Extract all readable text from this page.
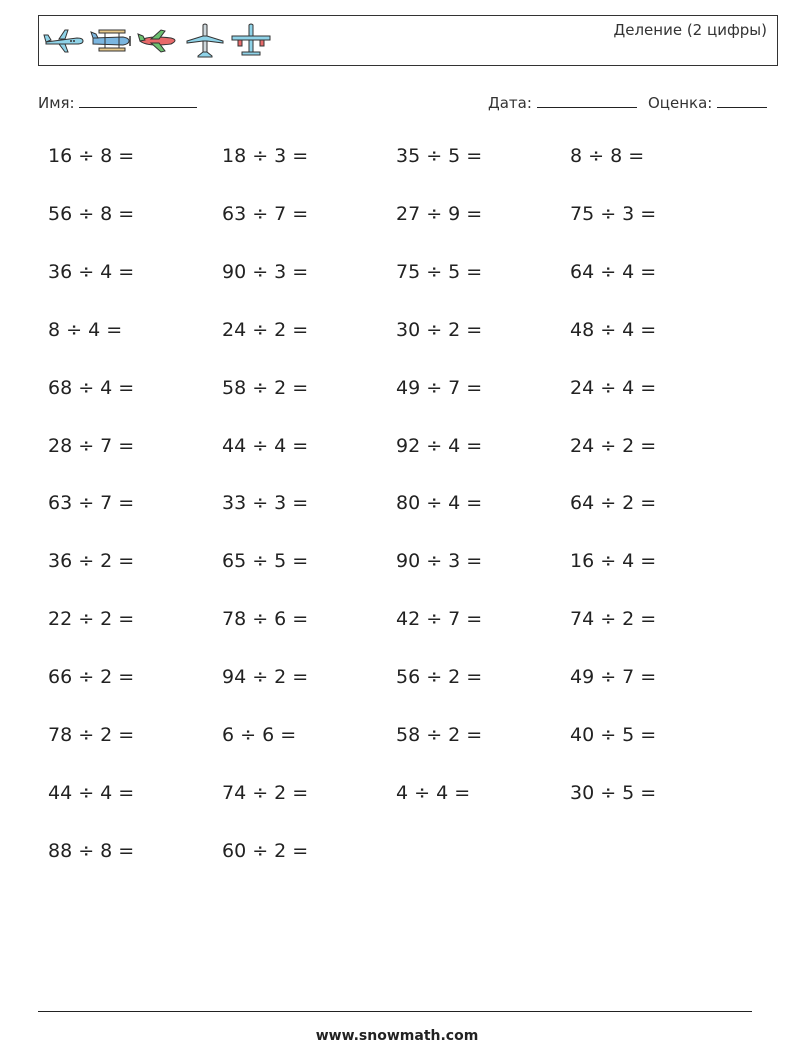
Деление (2 цифры)
Имя:	Дата:	Оценка:
16 ÷ 8 =	18 ÷ 3 =	35 ÷ 5 =	8 ÷ 8 =
56 ÷ 8 =	63 ÷ 7 =	27 ÷ 9 =	75 ÷ 3 =
36 ÷ 4 =	90 ÷ 3 =	75 ÷ 5 =	64 ÷ 4 =
8 ÷ 4 =	24 ÷ 2 =	30 ÷ 2 =	48 ÷ 4 =
68 ÷ 4 =	58 ÷ 2 =	49 ÷ 7 =	24 ÷ 4 =
28 ÷ 7 =	44 ÷ 4 =	92 ÷ 4 =	24 ÷ 2 =
63 ÷ 7 =	33 ÷ 3 =	80 ÷ 4 =	64 ÷ 2 =
36 ÷ 2 =	65 ÷ 5 =	90 ÷ 3 =	16 ÷ 4 =
22 ÷ 2 =	78 ÷ 6 =	42 ÷ 7 =	74 ÷ 2 =
66 ÷ 2 =	94 ÷ 2 =	56 ÷ 2 =	49 ÷ 7 =
78 ÷ 2 =	6 ÷ 6 =	58 ÷ 2 =	40 ÷ 5 =
44 ÷ 4 =	74 ÷ 2 =	4 ÷ 4 =	30 ÷ 5 =
88 ÷ 8 =	60 ÷ 2 =
www.snowmath.com
